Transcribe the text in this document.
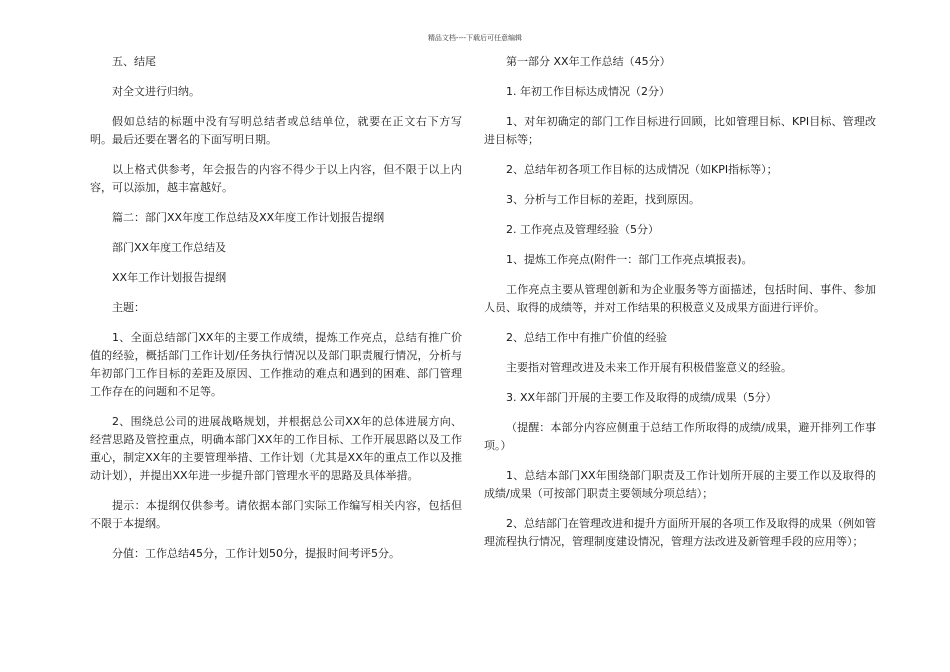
精品文档----下载后可任意编辑

五、结尾

对全文进行归纳。

假如总结的标题中没有写明总结者或总结单位，就要在正文右下方写明。最后还要在署名的下面写明日期。

以上格式供参考，年会报告的内容不得少于以上内容，但不限于以上内容，可以添加，越丰富越好。

篇二：部门XX年度工作总结及XX年度工作计划报告提纲

部门XX年度工作总结及

XX年工作计划报告提纲

主题：

1、全面总结部门XX年的主要工作成绩，提炼工作亮点，总结有推广价值的经验，概括部门工作计划/任务执行情况以及部门职责履行情况，分析与年初部门工作目标的差距及原因、工作推动的难点和遇到的困难、部门管理工作存在的问题和不足等。

2、围绕总公司的进展战略规划，并根据总公司XX年的总体进展方向、经营思路及管控重点，明确本部门XX年的工作目标、工作开展思路以及工作重心，制定XX年的主要管理举措、工作计划（尤其是XX年的重点工作以及推动计划），并提出XX年进一步提升部门管理水平的思路及具体举措。

提示：本提纲仅供参考。请依据本部门实际工作编写相关内容，包括但不限于本提纲。

分值：工作总结45分，工作计划50分，提报时间考评5分。

第一部分 XX年工作总结（45分）

1. 年初工作目标达成情况（2分）

1、对年初确定的部门工作目标进行回顾，比如管理目标、KPI目标、管理改进目标等；

2、总结年初各项工作目标的达成情况（如KPI指标等）；

3、分析与工作目标的差距，找到原因。

2. 工作亮点及管理经验（5分）

1、提炼工作亮点(附件一：部门工作亮点填报表)。

工作亮点主要从管理创新和为企业服务等方面描述，包括时间、事件、参加人员、取得的成绩等，并对工作结果的积极意义及成果方面进行评价。

2、总结工作中有推广价值的经验

主要指对管理改进及未来工作开展有积极借鉴意义的经验。

3. XX年部门开展的主要工作及取得的成绩/成果（5分）

（提醒：本部分内容应侧重于总结工作所取得的成绩/成果，避开排列工作事项。）

1、总结本部门XX年围绕部门职责及工作计划所开展的主要工作以及取得的成绩/成果（可按部门职责主要领域分项总结）；

2、总结部门在管理改进和提升方面所开展的各项工作及取得的成果（例如管理流程执行情况，管理制度建设情况，管理方法改进及新管理手段的应用等）；
